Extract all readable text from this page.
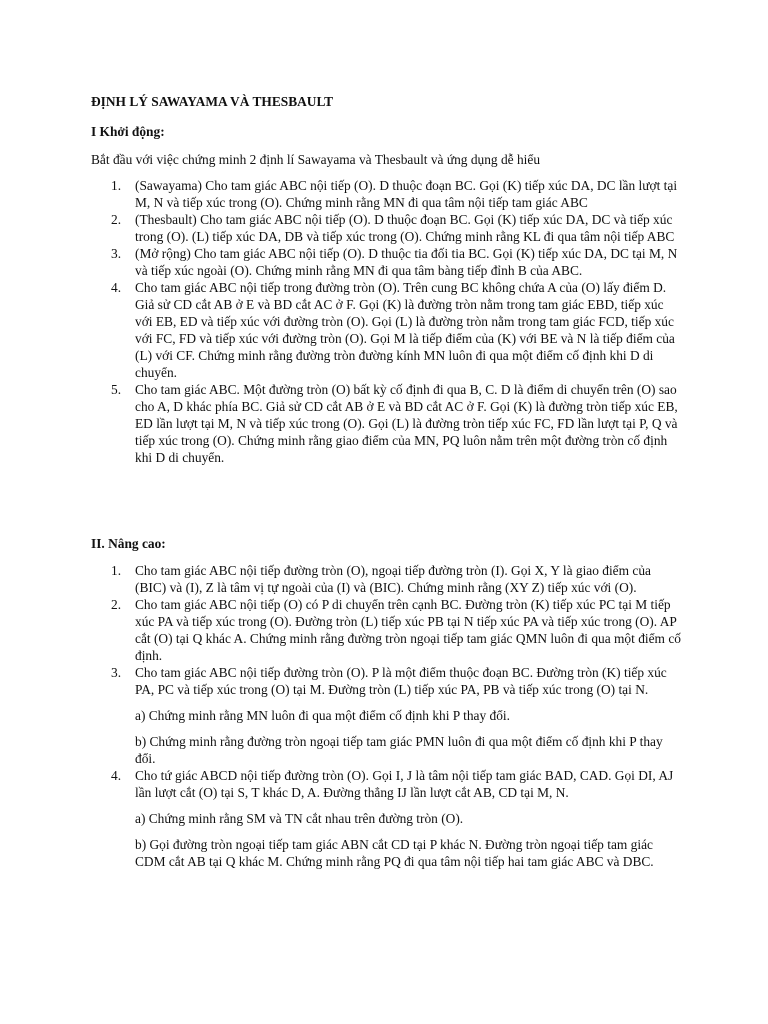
ĐỊNH LÝ SAWAYAMA VÀ THESBAULT
I Khởi động:
Bắt đầu với việc chứng minh 2 định lí Sawayama và Thesbault và ứng dụng dễ hiểu
1. (Sawayama) Cho tam giác ABC nội tiếp (O). D thuộc đoạn BC. Gọi (K) tiếp xúc DA, DC lần lượt tại M, N và tiếp xúc trong (O). Chứng minh rằng MN đi qua tâm nội tiếp tam giác ABC
2. (Thesbault) Cho tam giác ABC nội tiếp (O). D thuộc đoạn BC. Gọi (K) tiếp xúc DA, DC và tiếp xúc trong (O). (L) tiếp xúc DA, DB và tiếp xúc trong (O). Chứng minh rằng KL đi qua tâm nội tiếp ABC
3. (Mở rộng) Cho tam giác ABC nội tiếp (O). D thuộc tia đối tia BC. Gọi (K) tiếp xúc DA, DC tại M, N và tiếp xúc ngoài (O). Chứng minh rằng MN đi qua tâm bàng tiếp đỉnh B của ABC.
4. Cho tam giác ABC nội tiếp trong đường tròn (O). Trên cung BC không chứa A của (O) lấy điểm D. Giả sử CD cắt AB ở E và BD cắt AC ở F. Gọi (K) là đường tròn nằm trong tam giác EBD, tiếp xúc với EB, ED và tiếp xúc với đường tròn (O). Gọi (L) là đường tròn nằm trong tam giác FCD, tiếp xúc với FC, FD và tiếp xúc với đường tròn (O). Gọi M là tiếp điểm của (K) với BE và N là tiếp điểm của (L) với CF. Chứng minh rằng đường tròn đường kính MN luôn đi qua một điểm cố định khi D di chuyển.
5. Cho tam giác ABC. Một đường tròn (O) bất kỳ cố định đi qua B, C. D là điểm di chuyển trên (O) sao cho A, D khác phía BC. Giả sử CD cắt AB ở E và BD cắt AC ở F. Gọi (K) là đường tròn tiếp xúc EB, ED lần lượt tại M, N và tiếp xúc trong (O). Gọi (L) là đường tròn tiếp xúc FC, FD lần lượt tại P, Q và tiếp xúc trong (O). Chứng minh rằng giao điểm của MN, PQ luôn nằm trên một đường tròn cố định khi D di chuyển.
II. Nâng cao:
1. Cho tam giác ABC nội tiếp đường tròn (O), ngoại tiếp đường tròn (I). Gọi X, Y là giao điểm của (BIC) và (I), Z là tâm vị tự ngoài của (I) và (BIC). Chứng minh rằng (XY Z) tiếp xúc với (O).
2. Cho tam giác ABC nội tiếp (O) có P di chuyển trên cạnh BC. Đường tròn (K) tiếp xúc PC tại M tiếp xúc PA và tiếp xúc trong (O). Đường tròn (L) tiếp xúc PB tại N tiếp xúc PA và tiếp xúc trong (O). AP cắt (O) tại Q khác A. Chứng minh rằng đường tròn ngoại tiếp tam giác QMN luôn đi qua một điểm cố định.
3. Cho tam giác ABC nội tiếp đường tròn (O). P là một điểm thuộc đoạn BC. Đường tròn (K) tiếp xúc PA, PC và tiếp xúc trong (O) tại M. Đường tròn (L) tiếp xúc PA, PB và tiếp xúc trong (O) tại N.
a) Chứng minh rằng MN luôn đi qua một điểm cố định khi P thay đổi.
b) Chứng minh rằng đường tròn ngoại tiếp tam giác PMN luôn đi qua một điểm cố định khi P thay đổi.
4. Cho tứ giác ABCD nội tiếp đường tròn (O). Gọi I, J là tâm nội tiếp tam giác BAD, CAD. Gọi DI, AJ lần lượt cắt (O) tại S, T khác D, A. Đường thẳng IJ lần lượt cắt AB, CD tại M, N.
a) Chứng minh rằng SM và TN cắt nhau trên đường tròn (O).
b) Gọi đường tròn ngoại tiếp tam giác ABN cắt CD tại P khác N. Đường tròn ngoại tiếp tam giác CDM cắt AB tại Q khác M. Chứng minh rằng PQ đi qua tâm nội tiếp hai tam giác ABC và DBC.
